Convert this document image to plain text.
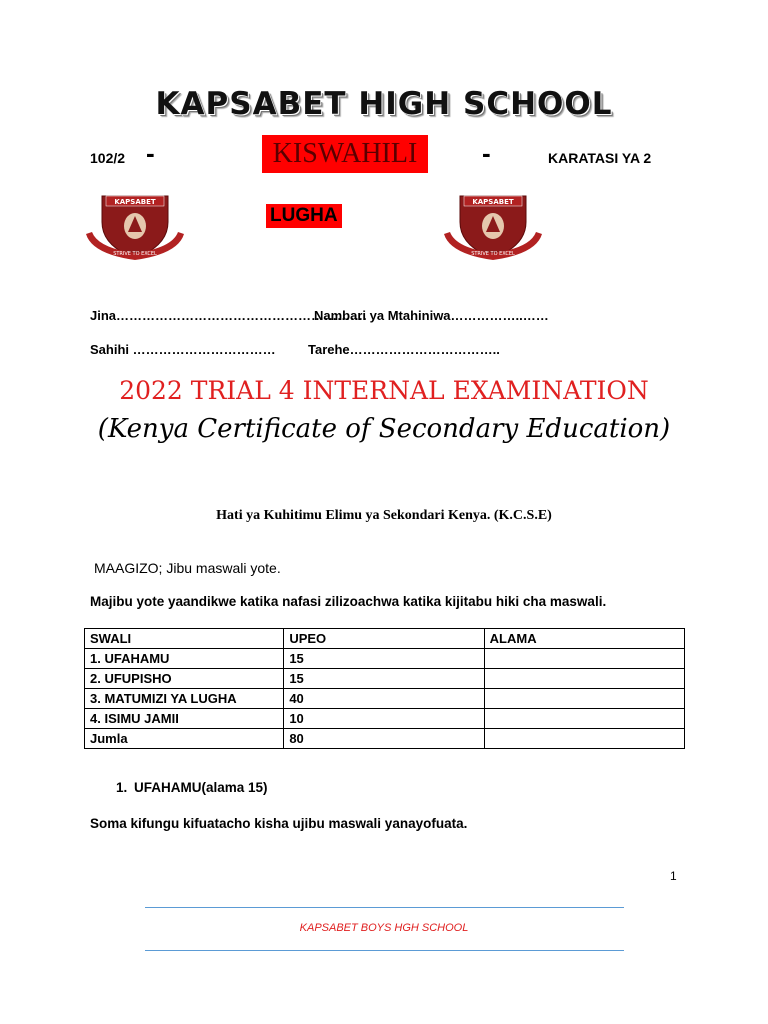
KAPSABET HIGH SCHOOL
102/2 -	KISWAHILI	-	KARATASI YA 2
LUGHA
KAPSABET
STRIVE TO EXCEL
KAPSABET
STRIVE TO EXCEL
Jina………………………………………………….
Nambari ya Mtahiniwa……………..……
Sahihi …………………………… Tarehe……………………………..
2022 TRIAL 4 INTERNAL EXAMINATION
(Kenya Certificate of Secondary Education)
Hati ya Kuhitimu Elimu ya Sekondari Kenya. (K.C.S.E)
MAAGIZO; Jibu maswali yote.
Majibu yote yaandikwe katika nafasi zilizoachwa katika kijitabu hiki cha maswali.
SWALI	UPEO	ALAMA
1. UFAHAMU	15	
2. UFUPISHO	15	
3. MATUMIZI YA LUGHA	40	
4. ISIMU JAMII	10	
Jumla	80	
1. UFAHAMU(alama 15)
Soma kifungu kifuatacho kisha ujibu maswali yanayofuata.
1
KAPSABET BOYS HGH SCHOOL
